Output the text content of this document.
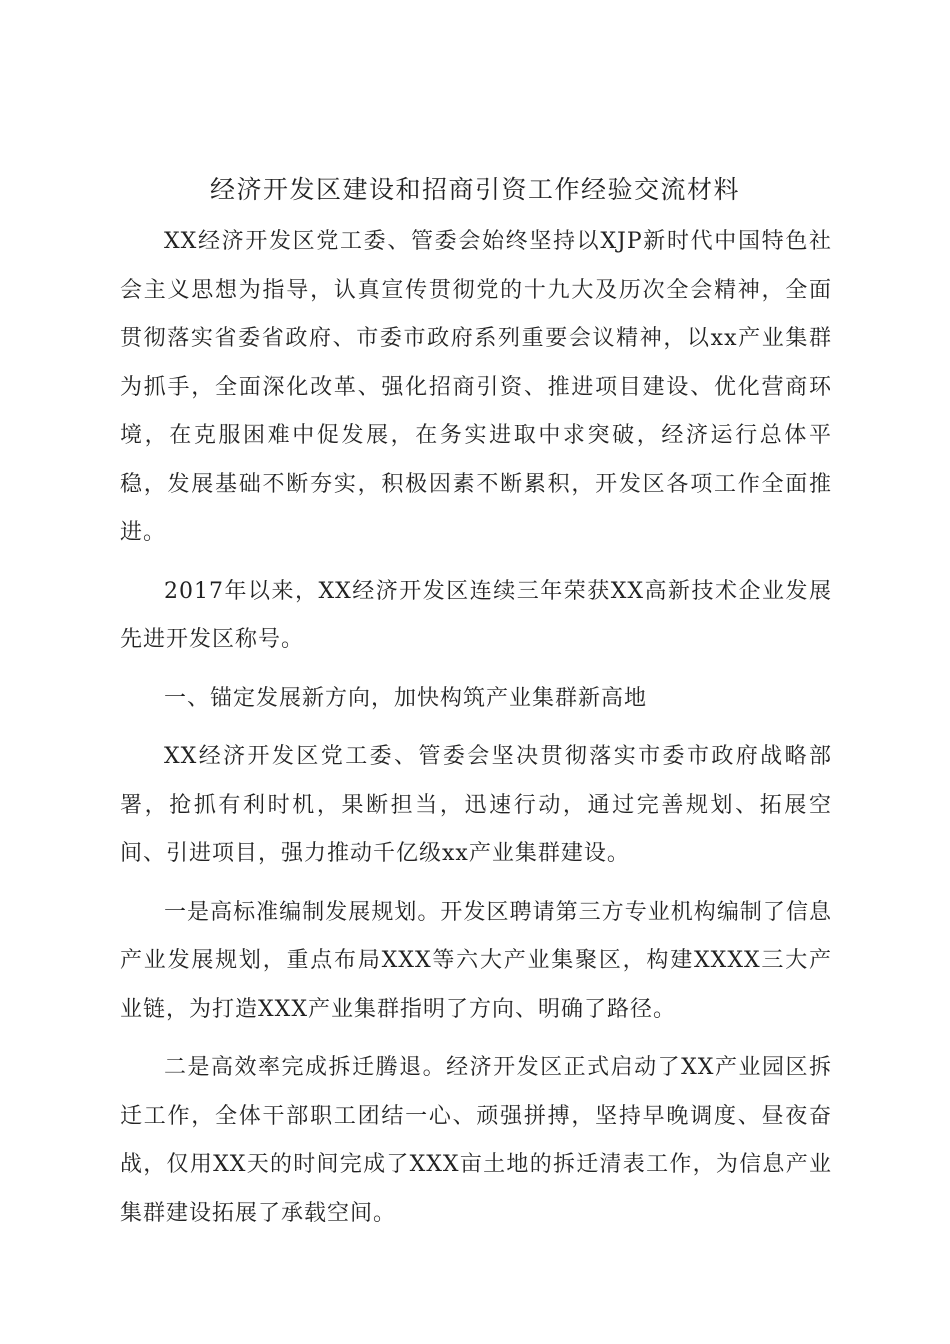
经济开发区建设和招商引资工作经验交流材料

XX经济开发区党工委、管委会始终坚持以XJP新时代中国特色社会主义思想为指导，认真宣传贯彻党的十九大及历次全会精神，全面贯彻落实省委省政府、市委市政府系列重要会议精神，以xx产业集群为抓手，全面深化改革、强化招商引资、推进项目建设、优化营商环境，在克服困难中促发展，在务实进取中求突破，经济运行总体平稳，发展基础不断夯实，积极因素不断累积，开发区各项工作全面推进。

2017年以来，XX经济开发区连续三年荣获XX高新技术企业发展先进开发区称号。

一、锚定发展新方向，加快构筑产业集群新高地

XX经济开发区党工委、管委会坚决贯彻落实市委市政府战略部署，抢抓有利时机，果断担当，迅速行动，通过完善规划、拓展空间、引进项目，强力推动千亿级xx产业集群建设。

一是高标准编制发展规划。开发区聘请第三方专业机构编制了信息产业发展规划，重点布局XXX等六大产业集聚区，构建XXXX三大产业链，为打造XXX产业集群指明了方向、明确了路径。

二是高效率完成拆迁腾退。经济开发区正式启动了XX产业园区拆迁工作，全体干部职工团结一心、顽强拼搏，坚持早晚调度、昼夜奋战，仅用XX天的时间完成了XXX亩土地的拆迁清表工作，为信息产业集群建设拓展了承载空间。
